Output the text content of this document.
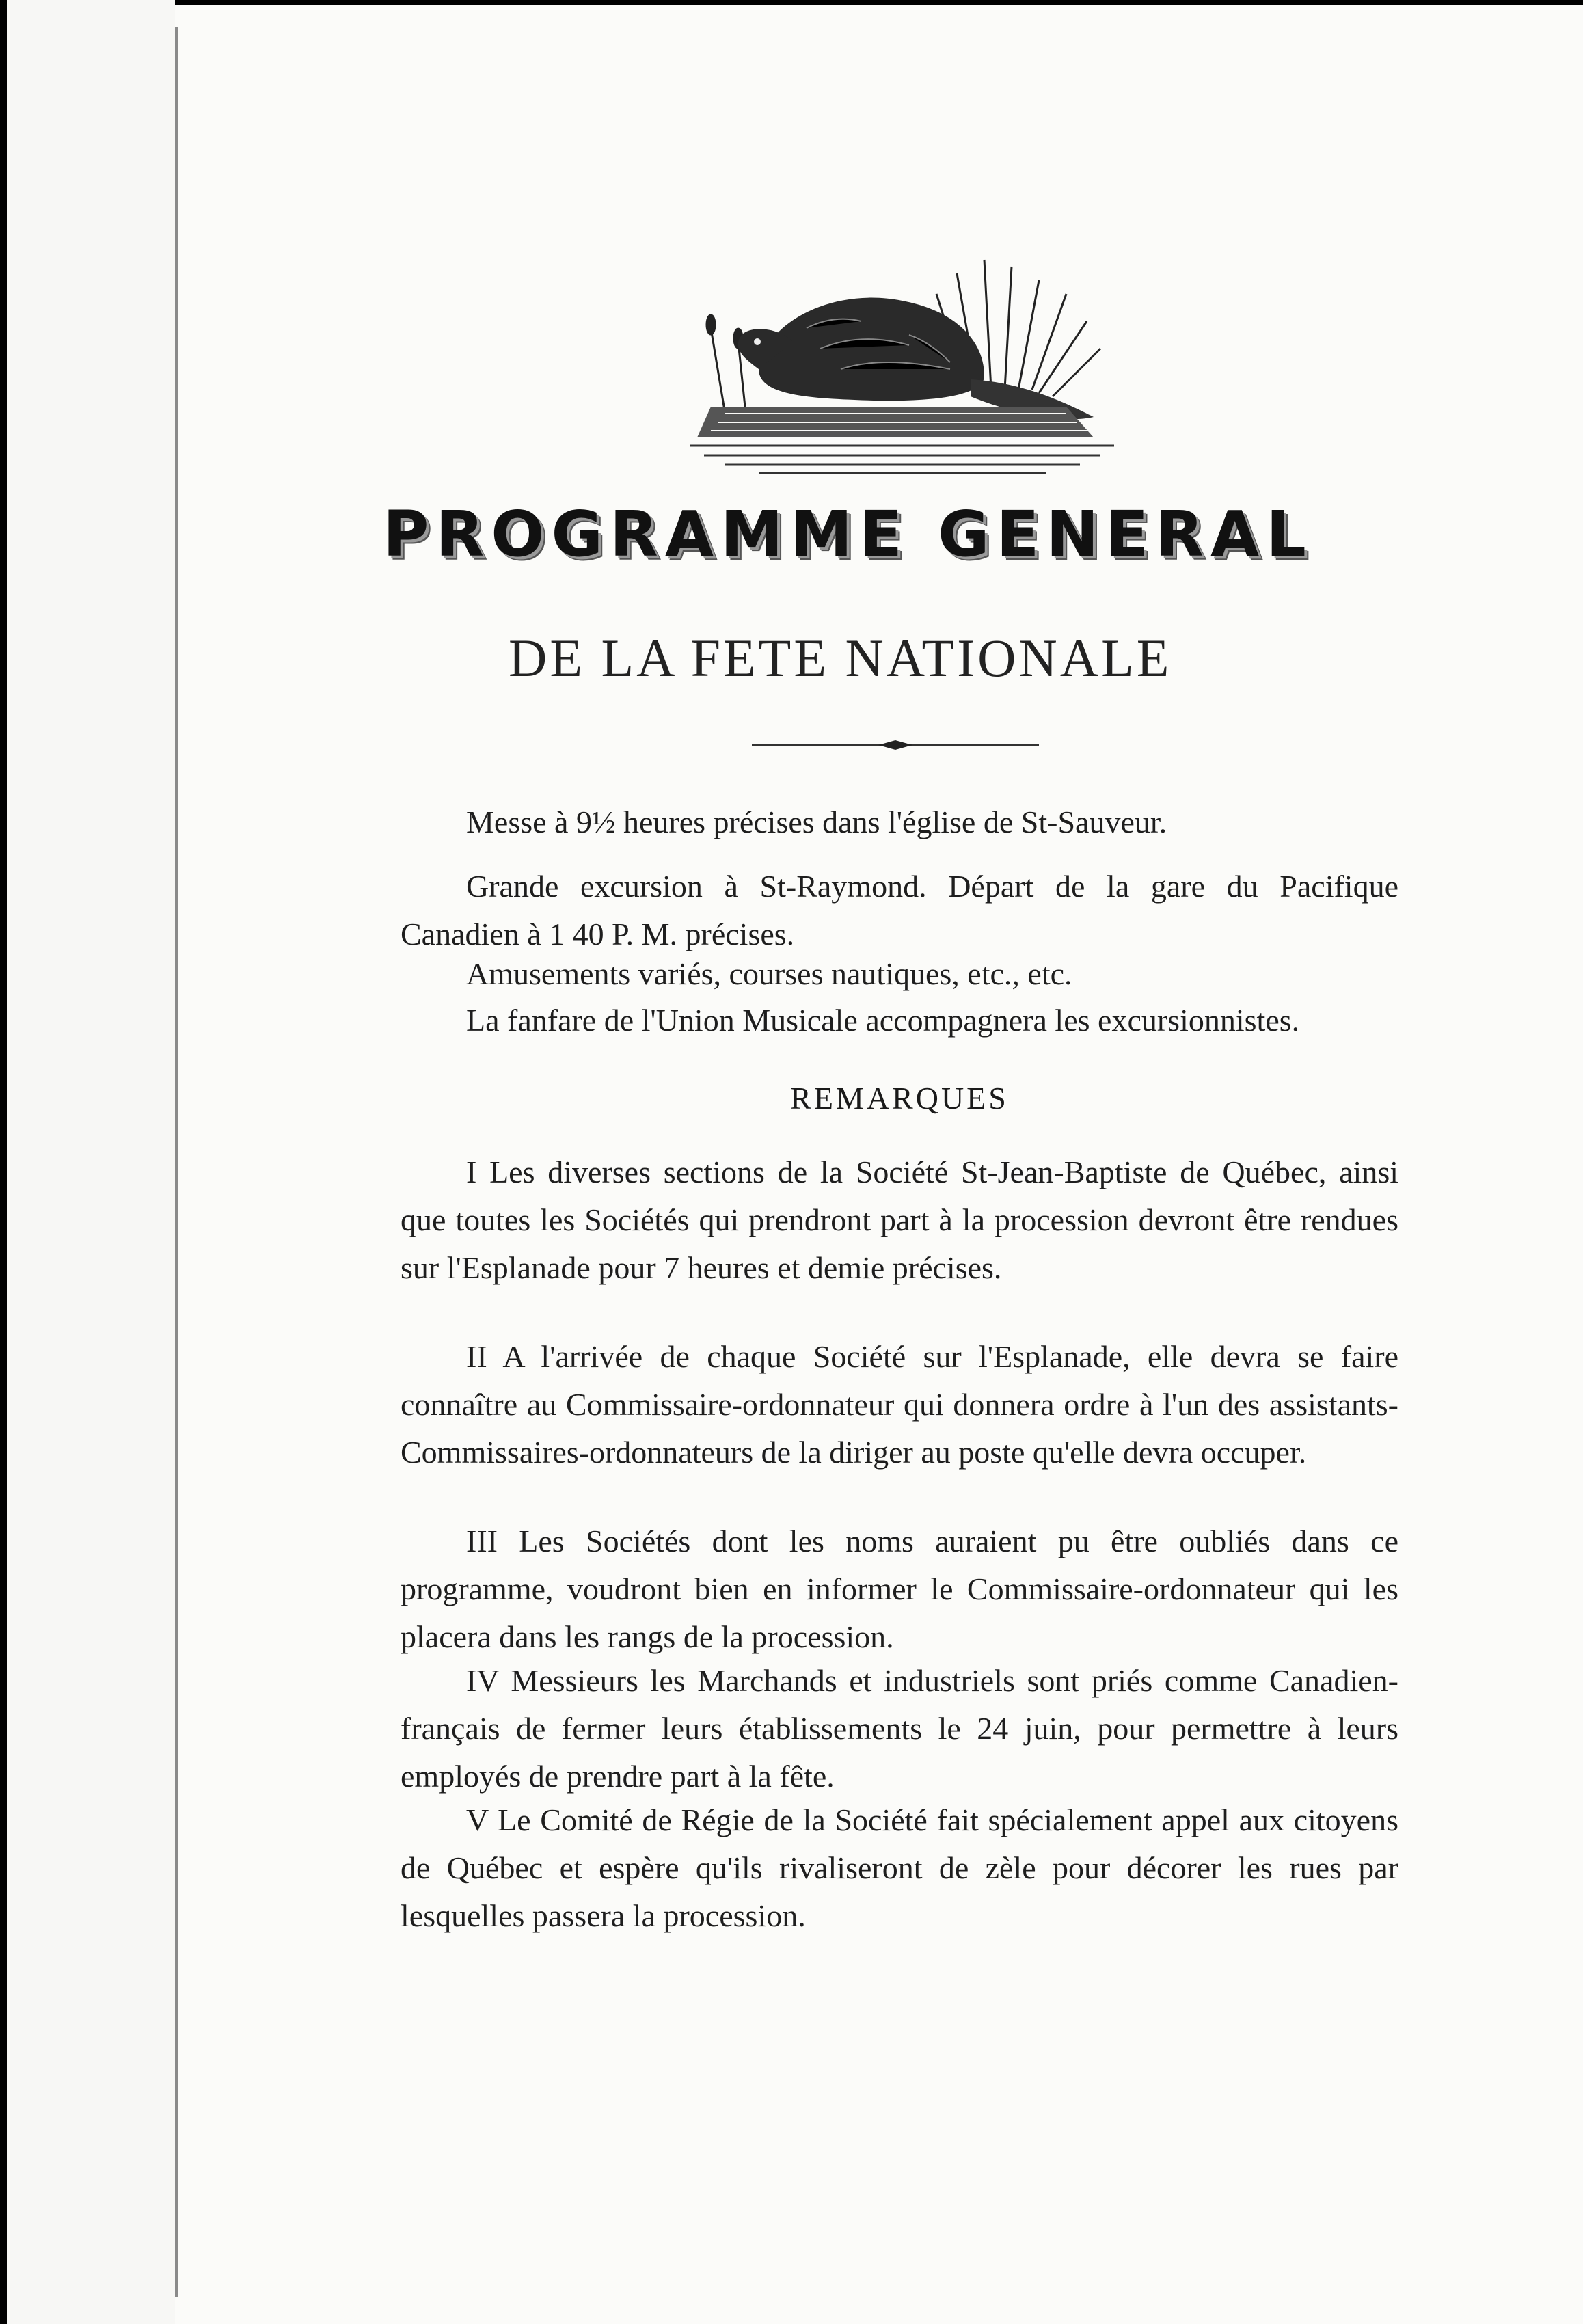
PROGRAMME GENERAL
DE LA FETE NATIONALE
Messe à 9½ heures précises dans l'église de St-Sauveur.
Grande excursion à St-Raymond. Départ de la gare du Pacifique Canadien à 1 40 P. M. précises.
Amusements variés, courses nautiques, etc., etc.
La fanfare de l'Union Musicale accompagnera les excursionnistes.
REMARQUES
I Les diverses sections de la Société St-Jean-Baptiste de Québec, ainsi que toutes les Sociétés qui prendront part à la procession devront être rendues sur l'Esplanade pour 7 heures et demie précises.
II A l'arrivée de chaque Société sur l'Esplanade, elle devra se faire connaître au Commissaire-ordonnateur qui donnera ordre à l'un des assistants-Commissaires-ordonnateurs de la diriger au poste qu'elle devra occuper.
III Les Sociétés dont les noms auraient pu être oubliés dans ce programme, voudront bien en informer le Commissaire-ordonnateur qui les placera dans les rangs de la procession.
IV Messieurs les Marchands et industriels sont priés comme Canadien-français de fermer leurs établissements le 24 juin, pour permettre à leurs employés de prendre part à la fête.
V Le Comité de Régie de la Société fait spécialement appel aux citoyens de Québec et espère qu'ils rivaliseront de zèle pour décorer les rues par lesquelles passera la procession.
